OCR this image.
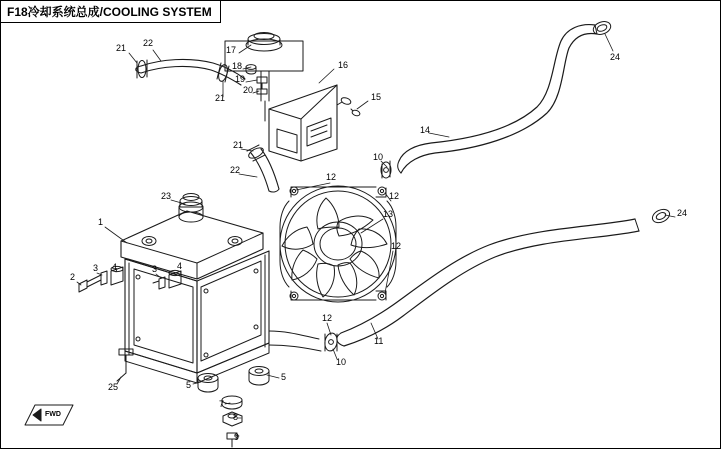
F18冷却系统总成/COOLING SYSTEM
21 22
17
16
18
19
20
21	15
14
24
21
10
22
12
12
23
13	24
1
12
2
3 4	3 4
12
11
10
25	5
5
7
8
9
FWD
